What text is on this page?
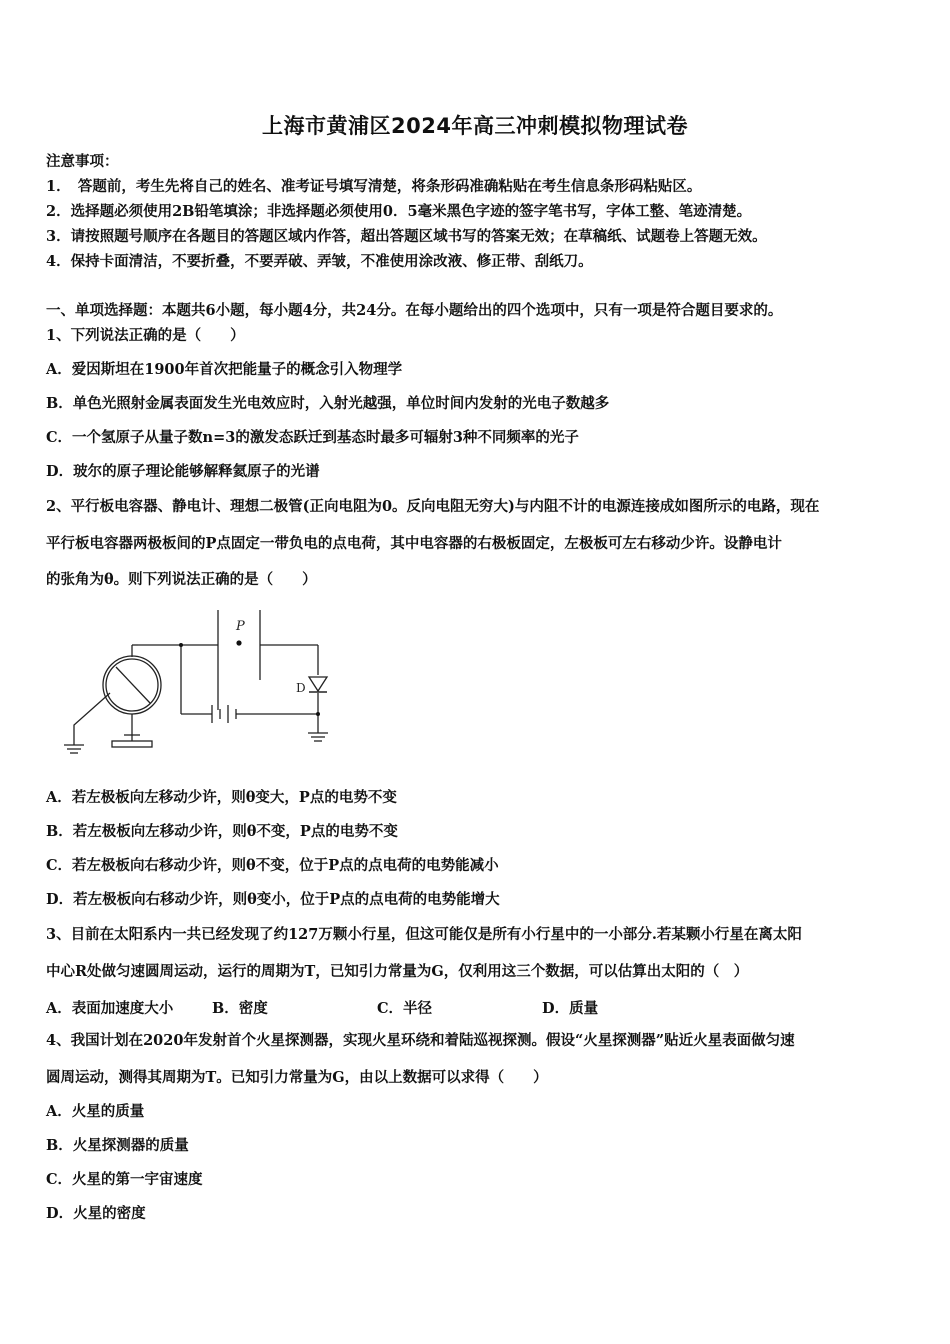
上海市黄浦区2024年高三冲刺模拟物理试卷
注意事项：
1．　答题前，考生先将自己的姓名、准考证号填写清楚，将条形码准确粘贴在考生信息条形码粘贴区。
2．选择题必须使用2B铅笔填涂；非选择题必须使用0．5毫米黑色字迹的签字笔书写，字体工整、笔迹清楚。
3．请按照题号顺序在各题目的答题区域内作答，超出答题区域书写的答案无效；在草稿纸、试题卷上答题无效。
4．保持卡面清洁，不要折叠，不要弄破、弄皱，不准使用涂改液、修正带、刮纸刀。
一、单项选择题：本题共6小题，每小题4分，共24分。在每小题给出的四个选项中，只有一项是符合题目要求的。
1、下列说法正确的是（　　）
A．爱因斯坦在1900年首次把能量子的概念引入物理学
B．单色光照射金属表面发生光电效应时，入射光越强，单位时间内发射的光电子数越多
C．一个氢原子从量子数n=3的激发态跃迁到基态时最多可辐射3种不同频率的光子
D．玻尔的原子理论能够解释氦原子的光谱
2、平行板电容器、静电计、理想二极管(正向电阻为0。反向电阻无穷大)与内阻不计的电源连接成如图所示的电路，现在
平行板电容器两极板间的P点固定一带负电的点电荷，其中电容器的右极板固定，左极板可左右移动少许。设静电计
的张角为θ。则下列说法正确的是（　　）
P
D
A．若左极板向左移动少许，则θ变大，P点的电势不变
B．若左极板向左移动少许，则θ不变，P点的电势不变
C．若左极板向右移动少许，则θ不变，位于P点的点电荷的电势能减小
D．若左极板向右移动少许，则θ变小，位于P点的点电荷的电势能增大
3、目前在太阳系内一共已经发现了约127万颗小行星，但这可能仅是所有小行星中的一小部分.若某颗小行星在离太阳
中心R处做匀速圆周运动，运行的周期为T，已知引力常量为G，仅利用这三个数据，可以估算出太阳的（　）
A．表面加速度大小	B．密度	C．半径	D．质量
4、我国计划在2020年发射首个火星探测器，实现火星环绕和着陆巡视探测。假设“火星探测器”贴近火星表面做匀速
圆周运动，测得其周期为T。已知引力常量为G，由以上数据可以求得（　　）
A．火星的质量
B．火星探测器的质量
C．火星的第一宇宙速度
D．火星的密度
